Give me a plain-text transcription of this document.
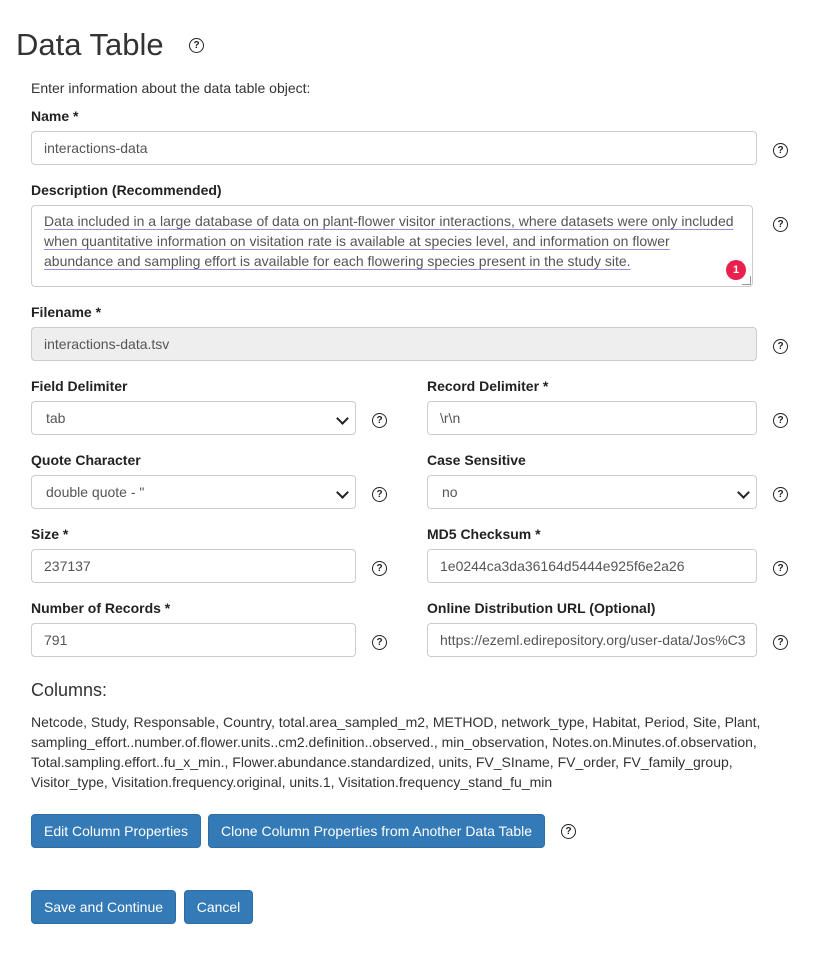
Data Table	?
Enter information about the data table object:
Name *
interactions-data	?
Description (Recommended)
Data included in a large database of data on plant-flower visitor interactions, where datasets were only included
when quantitative information on visitation rate is available at species level, and information on flower
abundance and sampling effort is available for each flowering species present in the study site.
1
?
Filename *
interactions-data.tsv	?
Field Delimiter
tab	?
Record Delimiter *
\r\n	?
Quote Character
double quote - "	?
Case Sensitive
no	?
Size *
237137	?
MD5 Checksum *
1e0244ca3da36164d5444e925f6e2a26	?
Number of Records *
791	?
Online Distribution URL (Optional)
https://ezeml.edirepository.org/user-data/Jos%C3	?
Columns:
Netcode, Study, Responsable, Country, total.area_sampled_m2, METHOD, network_type, Habitat, Period, Site, Plant, sampling_effort..number.of.flower.units..cm2.definition..observed., min_observation, Notes.on.Minutes.of.observation, Total.sampling.effort..fu_x_min., Flower.abundance.standardized, units, FV_SIname, FV_order, FV_family_group, Visitor_type, Visitation.frequency.original, units.1, Visitation.frequency_stand_fu_min
Edit Column Properties	Clone Column Properties from Another Data Table	?
Save and Continue	Cancel
